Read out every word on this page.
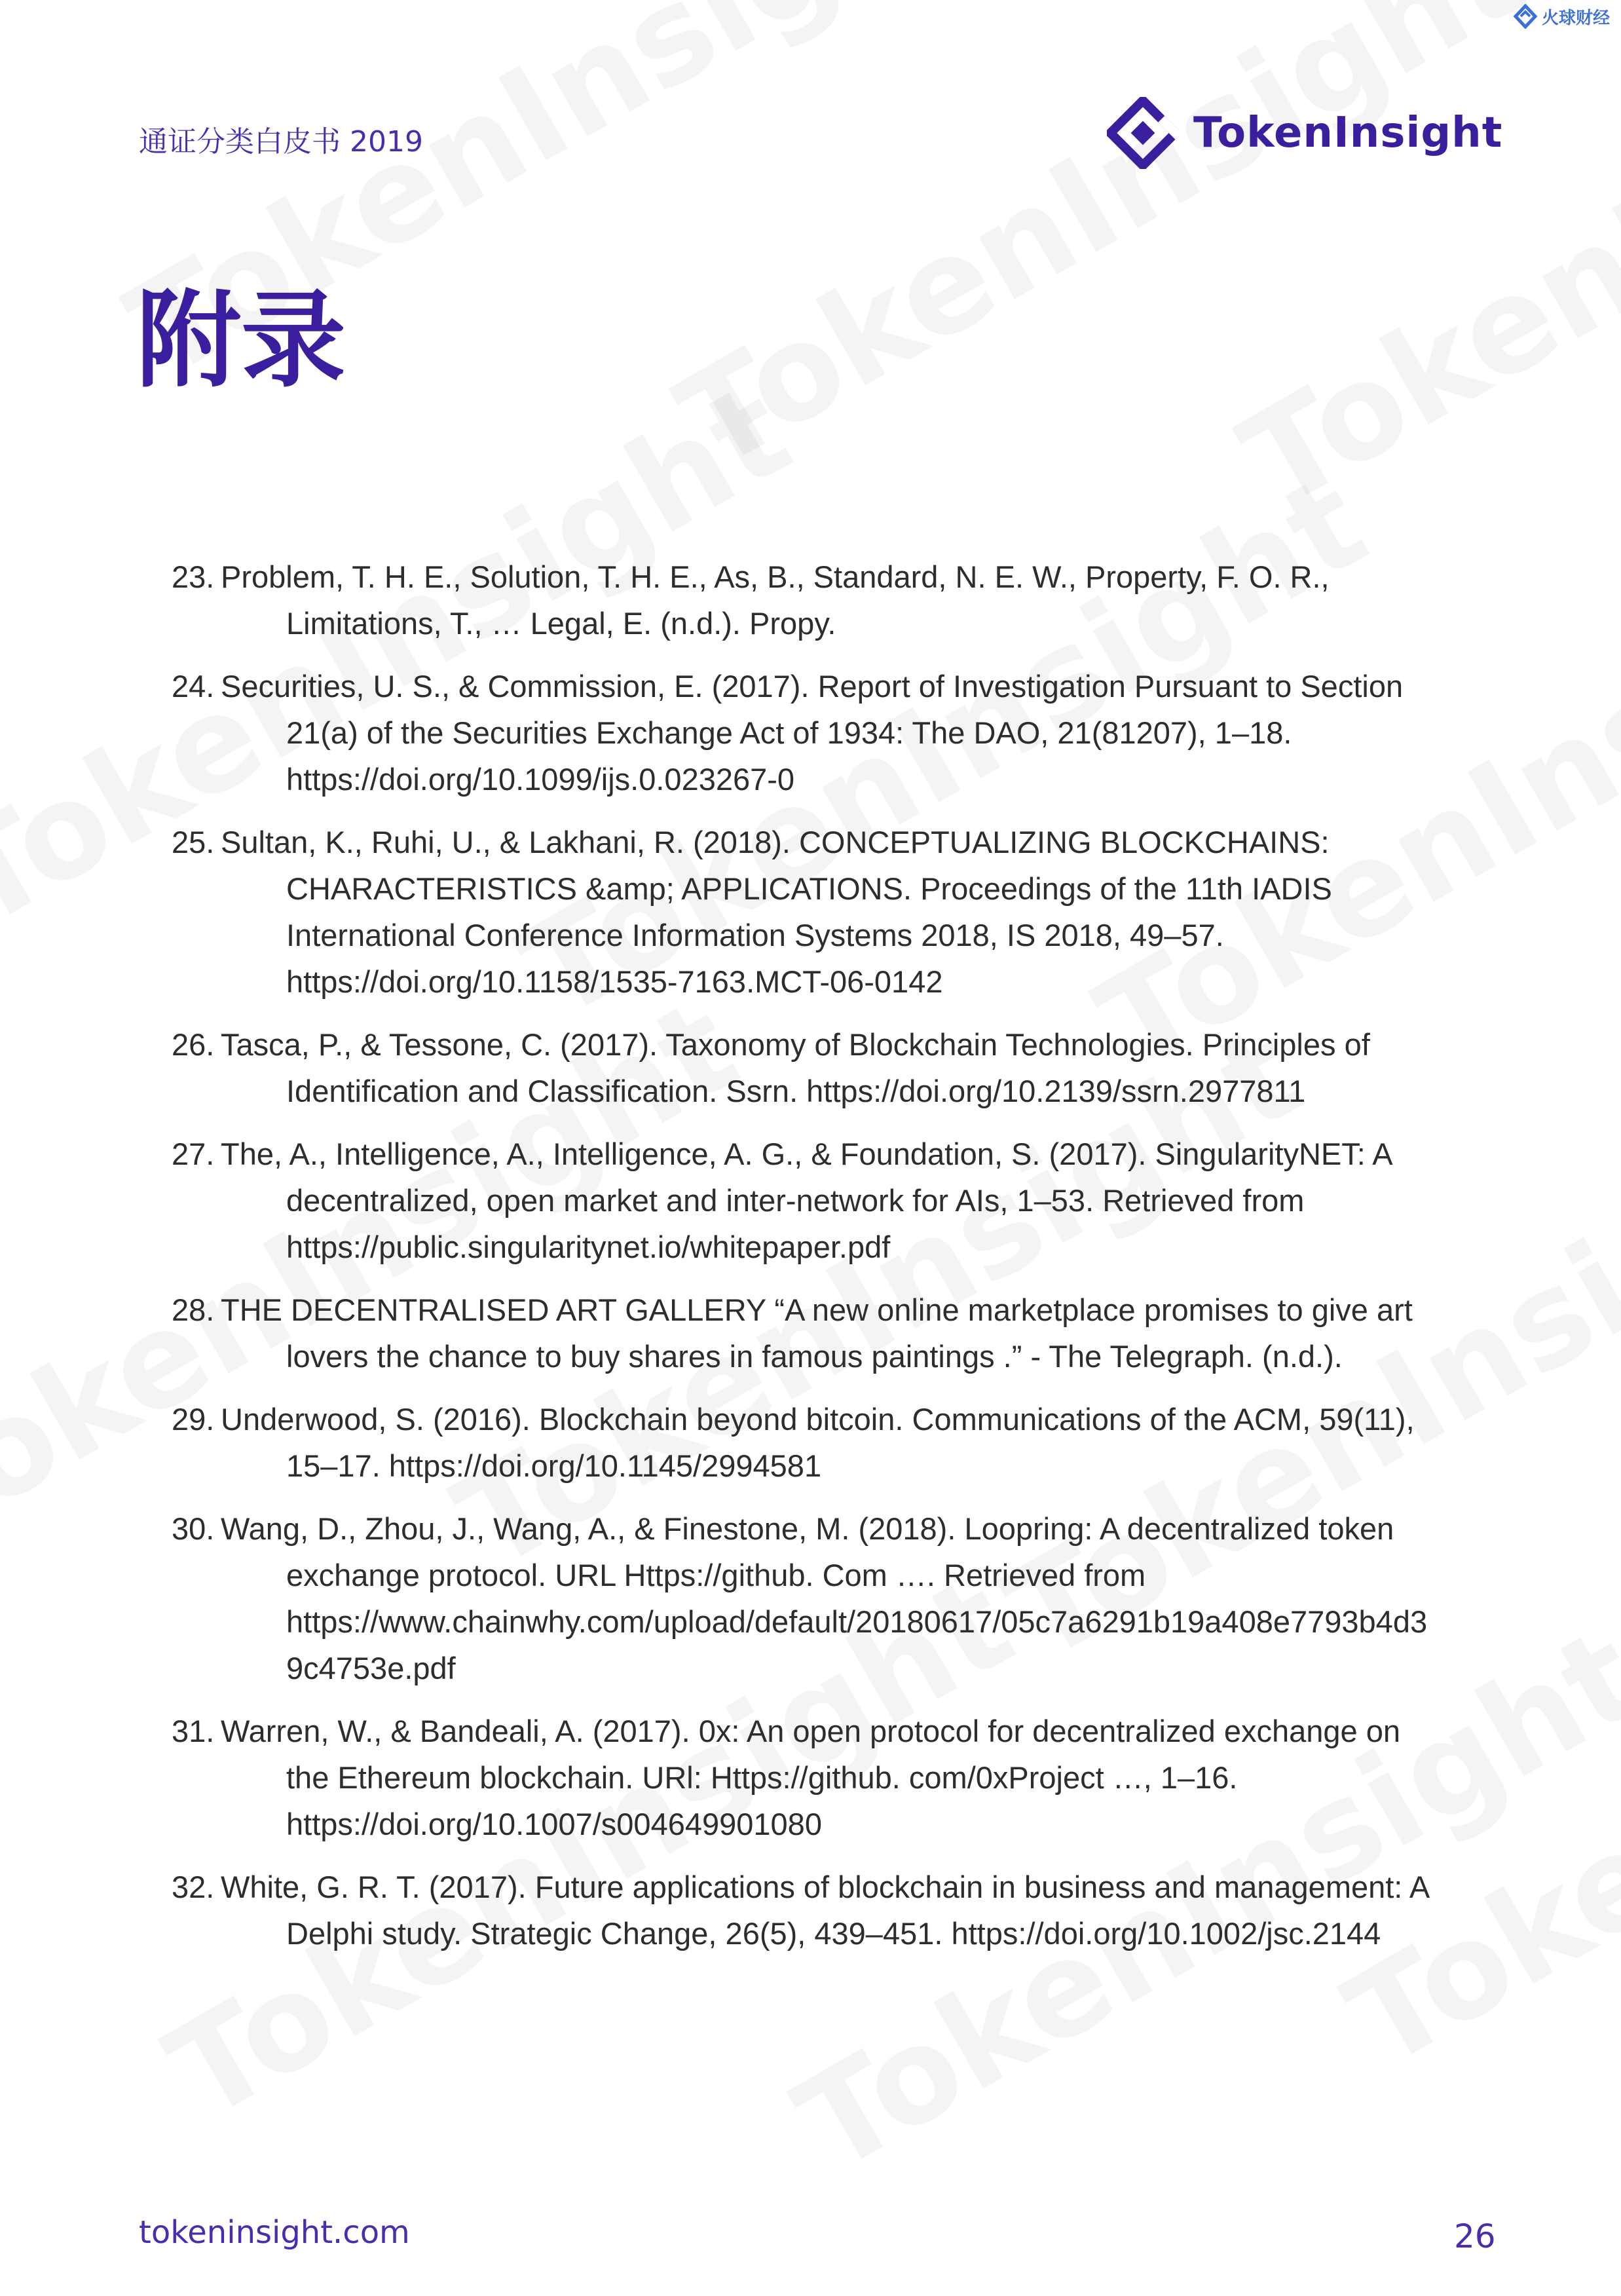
火球财经
通证分类白皮书 2019	TokenInsight
附录
23. Problem, T. H. E., Solution, T. H. E., As, B., Standard, N. E. W., Property, F. O. R., Limitations, T., … Legal, E. (n.d.). Propy.
24. Securities, U. S., & Commission, E. (2017). Report of Investigation Pursuant to Section 21(a) of the Securities Exchange Act of 1934: The DAO, 21(81207), 1–18. https://doi.org/10.1099/ijs.0.023267-0
25. Sultan, K., Ruhi, U., & Lakhani, R. (2018). CONCEPTUALIZING BLOCKCHAINS: CHARACTERISTICS &amp; APPLICATIONS. Proceedings of the 11th IADIS International Conference Information Systems 2018, IS 2018, 49–57. https://doi.org/10.1158/1535-7163.MCT-06-0142
26. Tasca, P., & Tessone, C. (2017). Taxonomy of Blockchain Technologies. Principles of Identification and Classification. Ssrn. https://doi.org/10.2139/ssrn.2977811
27. The, A., Intelligence, A., Intelligence, A. G., & Foundation, S. (2017). SingularityNET: A decentralized, open market and inter-network for AIs, 1–53. Retrieved from https://public.singularitynet.io/whitepaper.pdf
28. THE DECENTRALISED ART GALLERY “A new online marketplace promises to give art lovers the chance to buy shares in famous paintings .” - The Telegraph. (n.d.).
29. Underwood, S. (2016). Blockchain beyond bitcoin. Communications of the ACM, 59(11), 15–17. https://doi.org/10.1145/2994581
30. Wang, D., Zhou, J., Wang, A., & Finestone, M. (2018). Loopring: A decentralized token exchange protocol. URL Https://github. Com …. Retrieved from https://www.chainwhy.com/upload/default/20180617/05c7a6291b19a408e7793b4d39c4753e.pdf
31. Warren, W., & Bandeali, A. (2017). 0x: An open protocol for decentralized exchange on the Ethereum blockchain. URl: Https://github. com/0xProject …, 1–16. https://doi.org/10.1007/s004649901080
32. White, G. R. T. (2017). Future applications of blockchain in business and management: A Delphi study. Strategic Change, 26(5), 439–451. https://doi.org/10.1002/jsc.2144
tokeninsight.com	26
